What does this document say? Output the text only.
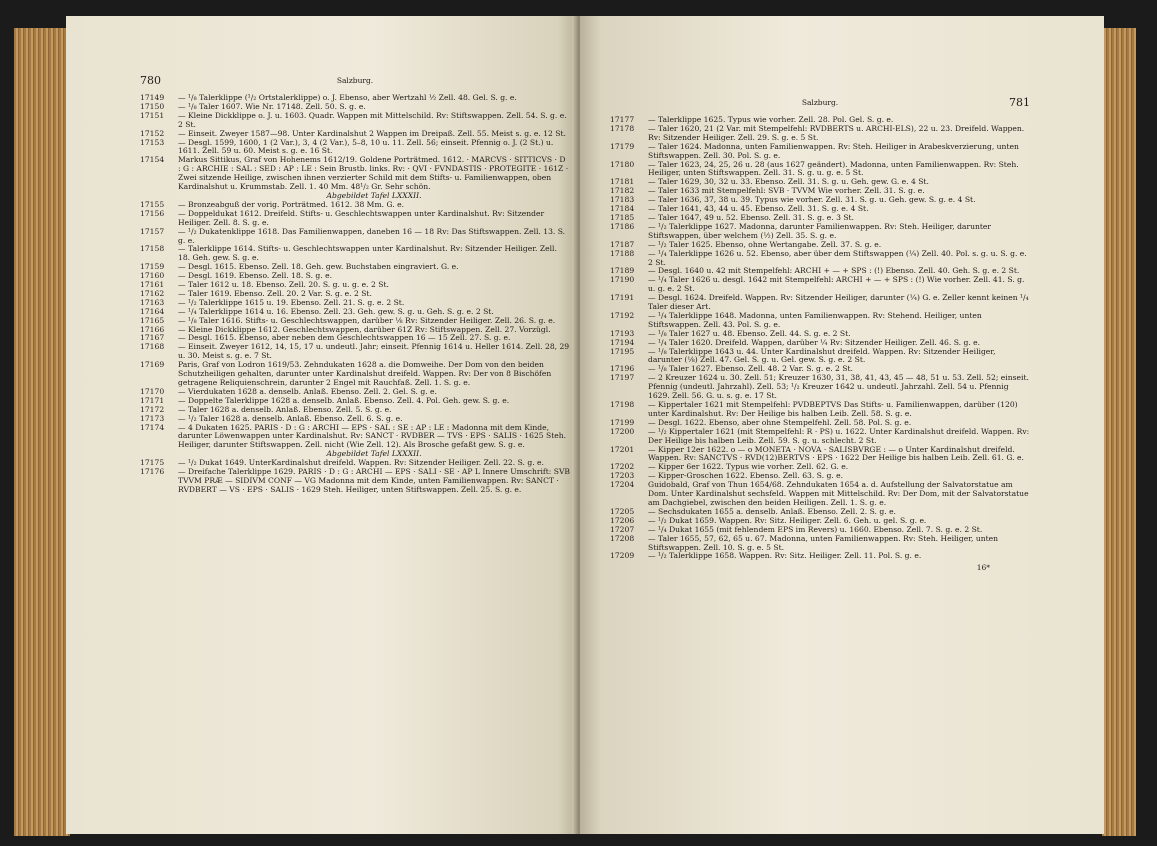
780	Salzburg.
17149	— ¹/₈ Talerklippe (¹/₂ Ortstalerklippe) o. J. Ebenso, aber Wertzahl ½ Zell. 48. Gel. S. g. e.
17150	— ¹/₈ Taler 1607. Wie Nr. 17148. Zell. 50. S. g. e.
17151	— Kleine Dickklippe o. J. u. 1603. Quadr. Wappen mit Mittelschild. Rv: Stiftswappen. Zell. 54. S. g. e. 2 St.
17152	— Einseit. Zweyer 1587—98. Unter Kardinalshut 2 Wappen im Dreipaß. Zell. 55. Meist s. g. e. 12 St.
17153	— Desgl. 1599, 1600, 1 (2 Var.), 3, 4 (2 Var.), 5–8, 10 u. 11. Zell. 56; einseit. Pfennig o. J. (2 St.) u. 1611. Zell. 59 u. 60. Meist s. g. e. 16 St.
17154	Markus Sittikus, Graf von Hohenems 1612/19. Goldene Porträtmed. 1612. · MARCVS · SITTICVS · D : G : ARCHIE : SAL : SED : AP : LE : Sein Brustb. links. Rv: · QVI · FVNDASTIS · PROTEGITE · 161Z · Zwei sitzende Heilige, zwischen ihnen verzierter Schild mit dem Stifts- u. Familienwappen, oben Kardinalshut u. Krummstab. Zell. 1. 40 Mm. 48¹/₂ Gr. Sehr schön.
Abgebildet Tafel LXXXII.
17155	— Bronzeabguß der vorig. Porträtmed. 1612. 38 Mm. G. e.
17156	— Doppeldukat 1612. Dreifeld. Stifts- u. Geschlechtswappen unter Kardinalshut. Rv: Sitzender Heiliger. Zell. 8. S. g. e.
17157	— ¹/₂ Dukatenklippe 1618. Das Familienwappen, daneben 16 — 18 Rv: Das Stiftswappen. Zell. 13. S. g. e.
17158	— Talerklippe 1614. Stifts- u. Geschlechtswappen unter Kardinalshut. Rv: Sitzender Heiliger. Zell. 18. Geh. gew. S. g. e.
17159	— Desgl. 1615. Ebenso. Zell. 18. Geh. gew. Buchstaben eingraviert. G. e.
17160	— Desgl. 1619. Ebenso. Zell. 18. S. g. e.
17161	— Taler 1612 u. 18. Ebenso. Zell. 20. S. g. u. g. e. 2 St.
17162	— Taler 1619. Ebenso. Zell. 20. 2 Var. S. g. e. 2 St.
17163	— ¹/₂ Talerklippe 1615 u. 19. Ebenso. Zell. 21. S. g. e. 2 St.
17164	— ¹/₄ Talerklippe 1614 u. 16. Ebenso. Zell. 23. Geh. gew. S. g. u. Geh. S. g. e. 2 St.
17165	— ¹/₈ Taler 1616. Stifts- u. Geschlechtswappen, darüber ⅛ Rv: Sitzender Heiliger. Zell. 26. S. g. e.
17166	— Kleine Dickklippe 1612. Geschlechtswappen, darüber 61Z Rv: Stiftswappen. Zell. 27. Vorzügl.
17167	— Desgl. 1615. Ebenso, aber neben dem Geschlechtswappen 16 — 15 Zell. 27. S. g. e.
17168	— Einseit. Zweyer 1612, 14, 15, 17 u. undeutl. Jahr; einseit. Pfennig 1614 u. Heller 1614. Zell. 28, 29 u. 30. Meist s. g. e. 7 St.
17169	Paris, Graf von Lodron 1619/53. Zehndukaten 1628 a. die Domweihe. Der Dom von den beiden Schutzheiligen gehalten, darunter unter Kardinalshut dreifeld. Wappen. Rv: Der von 8 Bischöfen getragene Reliquienschrein, darunter 2 Engel mit Rauchfaß. Zell. 1. S. g. e.
17170	— Vierdukaten 1628 a. denselb. Anlaß. Ebenso. Zell. 2. Gel. S. g. e.
17171	— Doppelte Talerklippe 1628 a. denselb. Anlaß. Ebenso. Zell. 4. Pol. Geh. gew. S. g. e.
17172	— Taler 1628 a. denselb. Anlaß. Ebenso. Zell. 5. S. g. e.
17173	— ¹/₂ Taler 1628 a. denselb. Anlaß. Ebenso. Zell. 6. S. g. e.
17174	— 4 Dukaten 1625. PARIS · D : G : ARCHI — EPS · SAL : SE : AP : LE : Madonna mit dem Kinde, darunter Löwenwappen unter Kardinalshut. Rv: SANCT · RVDBER — TVS · EPS · SALIS · 1625 Steh. Heiliger, darunter Stiftswappen. Zell. nicht (Wie Zell. 12). Als Brosche gefaßt gew. S. g. e.
Abgebildet Tafel LXXXII.
17175	— ¹/₂ Dukat 1649. UnterKardinalshut dreifeld. Wappen. Rv: Sitzender Heiliger. Zell. 22. S. g. e.
17176	— Dreifache Talerklippe 1629. PARIS · D : G : ARCHI — EPS · SALI · SE · AP L Innere Umschrift: SVB TVVM PRÆ — SIDIVM CONF — VG Madonna mit dem Kinde, unten Familienwappen. Rv: SANCT · RVDBERT — VS · EPS · SALIS · 1629 Steh. Heiliger, unten Stiftswappen. Zell. 25. S. g. e.
Salzburg.	781
17177	— Talerklippe 1625. Typus wie vorher. Zell. 28. Pol. Gel. S. g. e.
17178	— Taler 1620, 21 (2 Var. mit Stempelfehl: RVDBERTS u. ARCHI-ELS), 22 u. 23. Dreifeld. Wappen. Rv: Sitzender Heiliger. Zell. 29. S. g. e. 5 St.
17179	— Taler 1624. Madonna, unten Familienwappen. Rv: Steh. Heiliger in Arabeskverzierung, unten Stiftswappen. Zell. 30. Pol. S. g. e.
17180	— Taler 1623, 24, 25, 26 u. 28 (aus 1627 geändert). Madonna, unten Familienwappen. Rv: Steh. Heiliger, unten Stiftswappen. Zell. 31. S. g. u. g. e. 5 St.
17181	— Taler 1629, 30, 32 u. 33. Ebenso. Zell. 31. S. g. u. Geh. gew. G. e. 4 St.
17182	— Taler 1633 mit Stempelfehl: SVB · TVVM Wie vorher. Zell. 31. S. g. e.
17183	— Taler 1636, 37, 38 u. 39. Typus wie vorher. Zell. 31. S. g. u. Geh. gew. S. g. e. 4 St.
17184	— Taler 1641, 43, 44 u. 45. Ebenso. Zell. 31. S. g. e. 4 St.
17185	— Taler 1647, 49 u. 52. Ebenso. Zell. 31. S. g. e. 3 St.
17186	— ¹/₂ Talerklippe 1627. Madonna, darunter Familienwappen. Rv: Steh. Heiliger, darunter Stiftswappen, über welchem (½) Zell. 35. S. g. e.
17187	— ¹/₂ Taler 1625. Ebenso, ohne Wertangabe. Zell. 37. S. g. e.
17188	— ¹/₄ Talerklippe 1626 u. 52. Ebenso, aber über dem Stiftswappen (¼) Zell. 40. Pol. s. g. u. S. g. e. 2 St.
17189	— Desgl. 1640 u. 42 mit Stempelfehl: ARCHI + — + SPS : (!) Ebenso. Zell. 40. Geh. S. g. e. 2 St.
17190	— ¹/₄ Taler 1626 u. desgl. 1642 mit Stempelfehl: ARCHI + — + SPS : (!) Wie vorher. Zell. 41. S. g. u. g. e. 2 St.
17191	— Desgl. 1624. Dreifeld. Wappen. Rv: Sitzender Heiliger, darunter (¼) G. e. Zeller kennt keinen ¹/₄ Taler dieser Art.
17192	— ¹/₄ Talerklippe 1648. Madonna, unten Familienwappen. Rv: Stehend. Heiliger, unten Stiftswappen. Zell. 43. Pol. S. g. e.
17193	— ¹/₈ Taler 1627 u. 48. Ebenso. Zell. 44. S. g. e. 2 St.
17194	— ¹/₄ Taler 1620. Dreifeld. Wappen, darüber ¼ Rv: Sitzender Heiliger. Zell. 46. S. g. e.
17195	— ¹/₈ Talerklippe 1643 u. 44. Unter Kardinalshut dreifeld. Wappen. Rv: Sitzender Heiliger, darunter (⅛) Zell. 47. Gel. S. g. u. Gel. gew. S. g. e. 2 St.
17196	— ¹/₈ Taler 1627. Ebenso. Zell. 48. 2 Var. S. g. e. 2 St.
17197	— 2 Kreuzer 1624 u. 30. Zell. 51; Kreuzer 1630, 31, 38, 41, 43, 45 — 48, 51 u. 53. Zell. 52; einseit. Pfennig (undeutl. Jahrzahl). Zell. 53; ¹/₂ Kreuzer 1642 u. undeutl. Jahrzahl. Zell. 54 u. Pfennig 1629. Zell. 56. G. u. s. g. e. 17 St.
17198	— Kippertaler 1621 mit Stempelfehl: PVDBEPTVS Das Stifts- u. Familienwappen, darüber (120) unter Kardinalshut. Rv: Der Heilige bis halben Leib. Zell. 58. S. g. e.
17199	— Desgl. 1622. Ebenso, aber ohne Stempelfehl. Zell. 58. Pol. S. g. e.
17200	— ¹/₂ Kippertaler 1621 (mit Stempelfehl: R · PS) u. 1622. Unter Kardinalshut dreifeld. Wappen. Rv: Der Heilige bis halben Leib. Zell. 59. S. g. u. schlecht. 2 St.
17201	— Kipper 12er 1622. o — o MONETA · NOVA · SALISBVRGE : — o Unter Kardinalshut dreifeld. Wappen. Rv: SANCTVS · RVD(12)BERTVS · EPS · 1622 Der Heilige bis halben Leib. Zell. 61. G. e.
17202	— Kipper 6er 1622. Typus wie vorher. Zell. 62. G. e.
17203	— Kipper-Groschen 1622. Ebenso. Zell. 63. S. g. e.
17204	Guidobald, Graf von Thun 1654/68. Zehndukaten 1654 a. d. Aufstellung der Salvatorstatue am Dom. Unter Kardinalshut sechsfeld. Wappen mit Mittelschild. Rv: Der Dom, mit der Salvatorstatue am Dachgiebel, zwischen den beiden Heiligen. Zell. 1. S. g. e.
17205	— Sechsdukaten 1655 a. denselb. Anlaß. Ebenso. Zell. 2. S. g. e.
17206	— ¹/₂ Dukat 1659. Wappen. Rv: Sitz. Heiliger. Zell. 6. Geh. u. gel. S. g. e.
17207	— ¹/₄ Dukat 1655 (mit fehlendem EPS im Revers) u. 1660. Ebenso. Zell. 7. S. g. e. 2 St.
17208	— Taler 1655, 57, 62, 65 u. 67. Madonna, unten Familienwappen. Rv: Steh. Heiliger, unten Stiftswappen. Zell. 10. S. g. e. 5 St.
17209	— ¹/₂ Talerklippe 1658. Wappen. Rv: Sitz. Heiliger. Zell. 11. Pol. S. g. e.
16*
